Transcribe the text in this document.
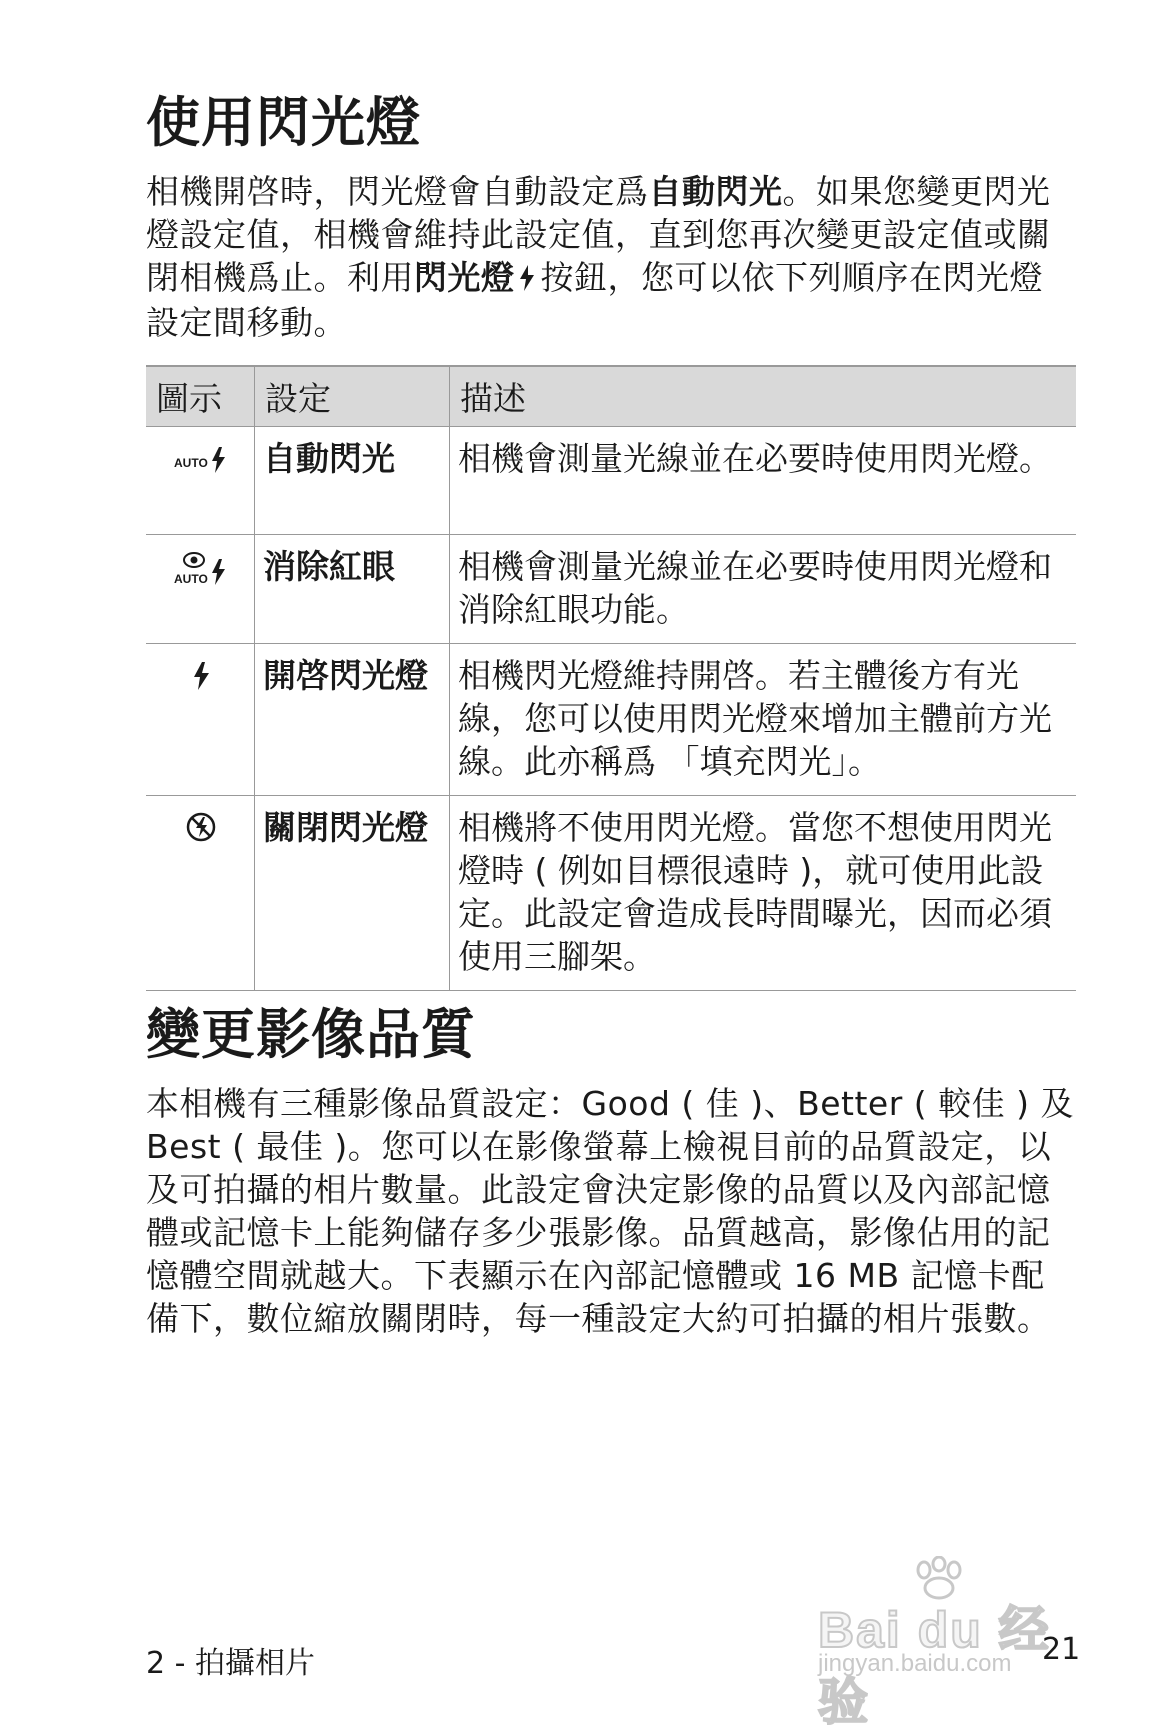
使用閃光燈

相機開啓時，閃光燈會自動設定爲自動閃光。如果您變更閃光燈設定值，相機會維持此設定值，直到您再次變更設定值或關閉相機爲止。利用閃光燈 按鈕，您可以依下列順序在閃光燈設定間移動。

圖示	設定	描述

AUTO	自動閃光	相機會測量光線並在必要時使用閃光燈。

AUTO	消除紅眼	相機會測量光線並在必要時使用閃光燈和消除紅眼功能。
	開啓閃光燈	相機閃光燈維持開啓。若主體後方有光線，您可以使用閃光燈來增加主體前方光線。此亦稱爲 「填充閃光」。
	關閉閃光燈	相機將不使用閃光燈。當您不想使用閃光燈時 ( 例如目標很遠時 )，就可使用此設定。此設定會造成長時間曝光，因而必須使用三腳架。
變更影像品質

本相機有三種影像品質設定：Good ( 佳 )、Better ( 較佳 ) 及 Best ( 最佳 )。您可以在影像螢幕上檢視目前的品質設定，以及可拍攝的相片數量。此設定會決定影像的品質以及內部記憶體或記憶卡上能夠儲存多少張影像。品質越高，影像佔用的記憶體空間就越大。下表顯示在內部記憶體或 16 MB 記憶卡配備下，數位縮放關閉時，每一種設定大約可拍攝的相片張數。

Bai du 经验
jingyan.baidu.com
2 - 拍攝相片	21
